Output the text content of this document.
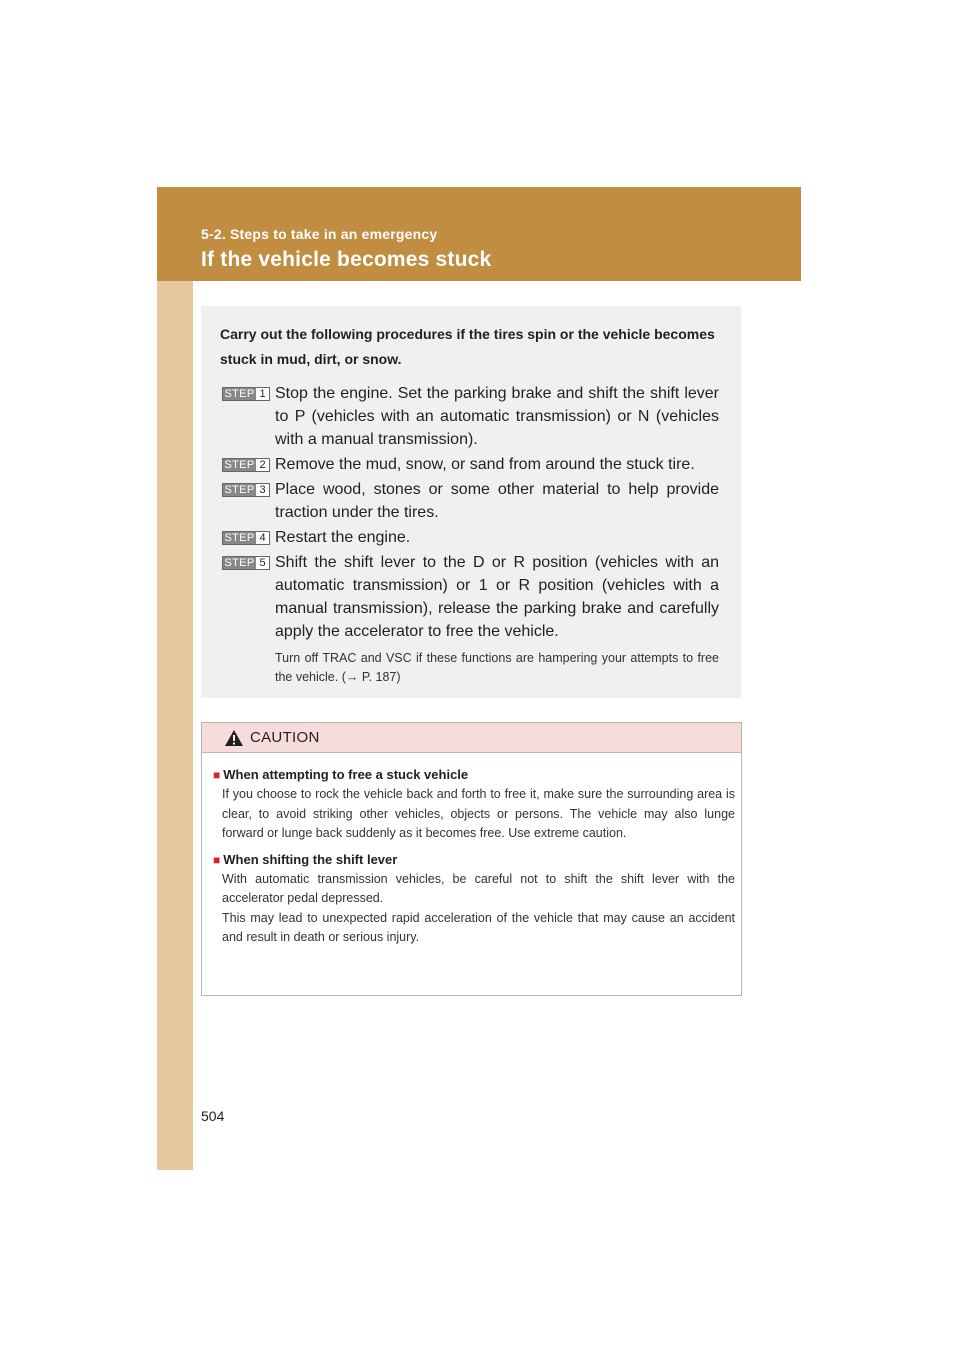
5-2. Steps to take in an emergency
If the vehicle becomes stuck

Carry out the following procedures if the tires spin or the vehicle becomes stuck in mud, dirt, or snow.

STEP 1 Stop the engine. Set the parking brake and shift the shift lever to P (vehicles with an automatic transmission) or N (vehicles with a manual transmission).
STEP 2 Remove the mud, snow, or sand from around the stuck tire.
STEP 3 Place wood, stones or some other material to help provide traction under the tires.
STEP 4 Restart the engine.
STEP 5 Shift the shift lever to the D or R position (vehicles with an automatic transmission) or 1 or R position (vehicles with a manual transmission), release the parking brake and carefully apply the accelerator to free the vehicle.
Turn off TRAC and VSC if these functions are hampering your attempts to free the vehicle. (→ P. 187)
CAUTION
■ When attempting to free a stuck vehicle
If you choose to rock the vehicle back and forth to free it, make sure the surrounding area is clear, to avoid striking other vehicles, objects or persons. The vehicle may also lunge forward or lunge back suddenly as it becomes free. Use extreme caution.
■ When shifting the shift lever
With automatic transmission vehicles, be careful not to shift the shift lever with the accelerator pedal depressed.
This may lead to unexpected rapid acceleration of the vehicle that may cause an accident and result in death or serious injury.
504
